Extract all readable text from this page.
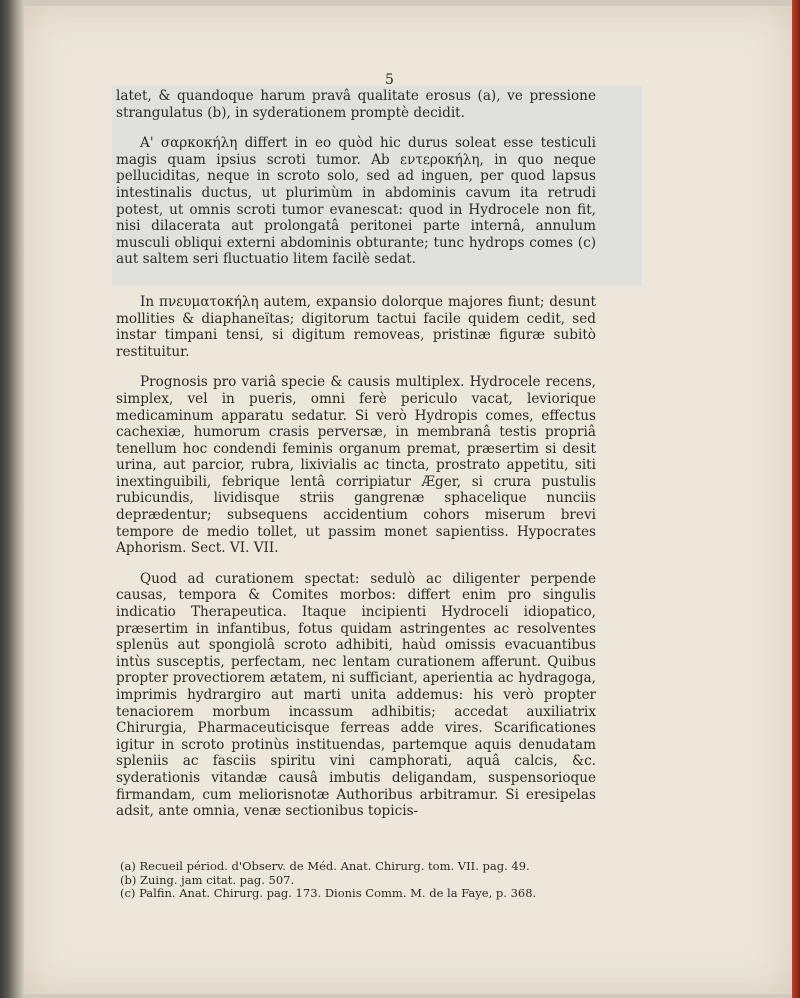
5

latet, & quandoque harum pravâ qualitate erosus (a), ve pressione strangulatus (b), in syderationem promptè decidit.

A' σαρκοκήλη differt in eo quòd hic durus soleat esse testiculi magis quam ipsius scroti tumor. Ab εντεροκήλη, in quo neque pelluciditas, neque in scroto solo, sed ad inguen, per quod lapsus intestinalis ductus, ut plurimùm in abdominis cavum ita retrudi potest, ut omnis scroti tumor evanescat: quod in Hydrocele non fit, nisi dilacerata aut prolongatâ peritonei parte internâ, annulum musculi obliqui externi abdominis obturante; tunc hydrops comes (c) aut saltem seri fluctuatio litem facilè sedat.

In πνευματοκήλη autem, expansio dolorque majores fiunt; desunt mollities & diaphaneïtas; digitorum tactui facile quidem cedit, sed instar timpani tensi, si digitum removeas, pristinæ figuræ subitò restituitur.

Prognosis pro variâ specie & causis multiplex. Hydrocele recens, simplex, vel in pueris, omni ferè periculo vacat, leviorique medicaminum apparatu sedatur. Si verò Hydropis comes, effectus cachexiæ, humorum crasis perversæ, in membranâ testis propriâ tenellum hoc condendi feminis organum premat, præsertim si desit urina, aut parcior, rubra, lixivialis ac tincta, prostrato appetitu, siti inextinguibili, febrique lentâ corripiatur Æger, si crura pustulis rubicundis, lividisque striis gangrenæ sphacelique nunciis deprædentur; subsequens accidentium cohors miserum brevi tempore de medio tollet, ut passim monet sapientiss. Hypocrates Aphorism. Sect. VI. VII.

Quod ad curationem spectat: sedulò ac diligenter perpende causas, tempora & Comites morbos: differt enim pro singulis indicatio Therapeutica. Itaque incipienti Hydroceli idiopatico, præsertim in infantibus, fotus quidam astringentes ac resolventes splenüs aut spongiolâ scroto adhibiti, haùd omissis evacuantibus intùs susceptis, perfectam, nec lentam curationem afferunt. Quibus propter provectiorem ætatem, ni sufficiant, aperientia ac hydragoga, imprimis hydrargiro aut marti unita addemus: his verò propter tenaciorem morbum incassum adhibitis; accedat auxiliatrix Chirurgia, Pharmaceuticisque ferreas adde vires. Scarificationes igitur in scroto protinùs instituendas, partemque aquis denudatam spleniis ac fasciis spiritu vini camphorati, aquâ calcis, &c. syderationis vitandæ causâ imbutis deligandam, suspensorioque firmandam, cum meliorisnotæ Authoribus arbitramur. Si eresipelas adsit, ante omnia, venæ sectionibus topicis-

(a) Recueil périod. d'Observ. de Méd. Anat. Chirurg. tom. VII. pag. 49.
(b) Zuing. jam citat. pag. 507.
(c) Palfin. Anat. Chirurg. pag. 173. Dionis Comm. M. de la Faye, p. 368.
